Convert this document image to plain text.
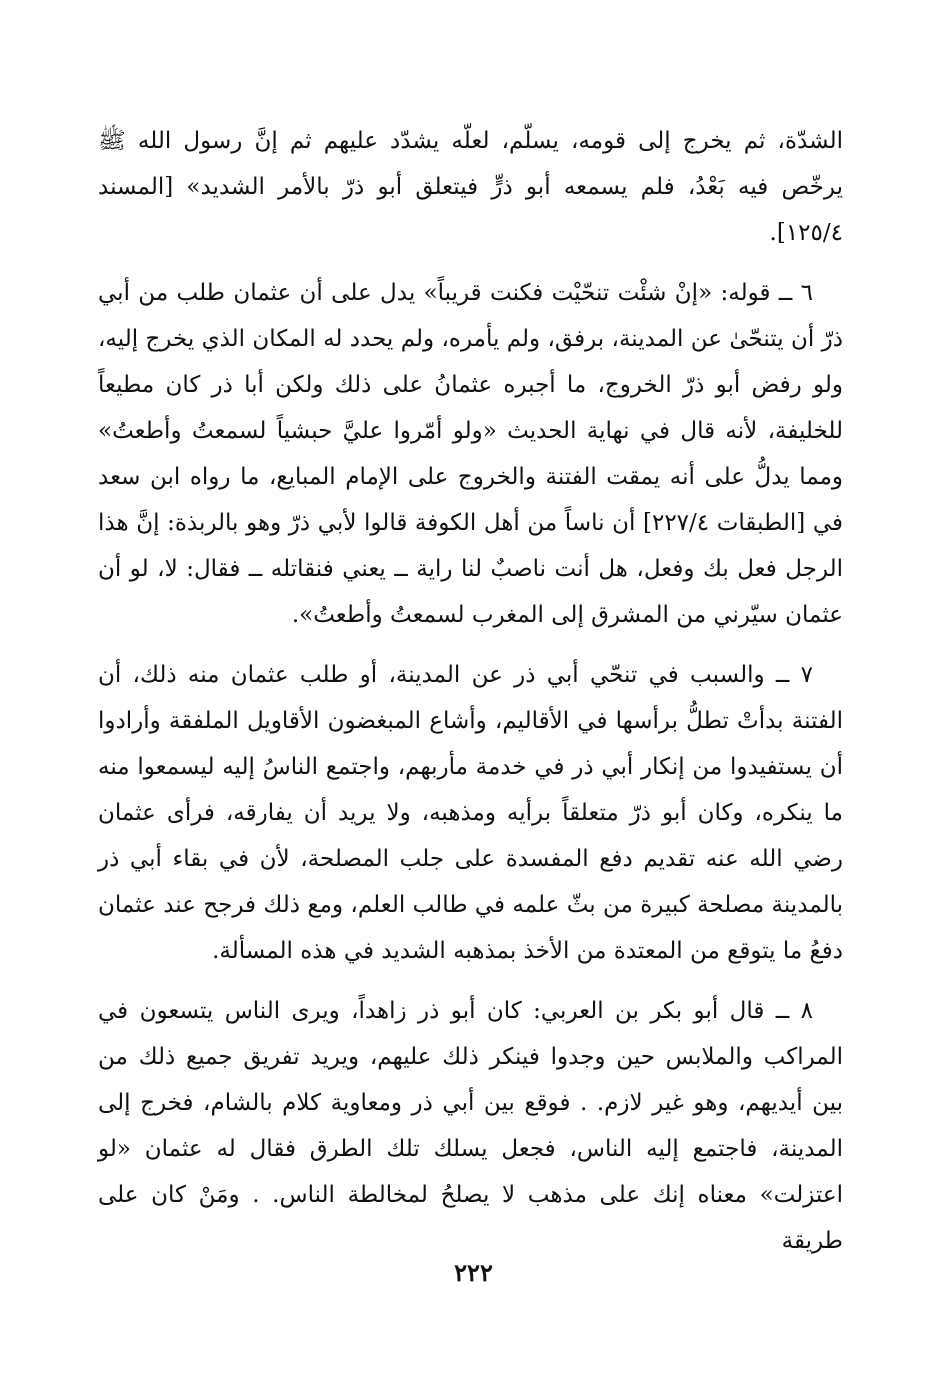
الشدّة، ثم يخرج إلى قومه، يسلّم، لعلّه يشدّد عليهم ثم إنَّ رسول الله ﷺ يرخّص فيه بَعْدُ، فلم يسمعه أبو ذرٍّ فيتعلق أبو ذرّ بالأمر الشديد» [المسند ١٢٥/٤].

٦ ــ قوله: «إنْ شئْت تنحّيْت فكنت قريباً» يدل على أن عثمان طلب من أبي ذرّ أن يتنحّىٰ عن المدينة، برفق، ولم يأمره، ولم يحدد له المكان الذي يخرج إليه، ولو رفض أبو ذرّ الخروج، ما أجبره عثمانُ على ذلك ولكن أبا ذر كان مطيعاً للخليفة، لأنه قال في نهاية الحديث «ولو أمّروا عليَّ حبشياً لسمعتُ وأطعتُ» ومما يدلُّ على أنه يمقت الفتنة والخروج على الإمام المبايع، ما رواه ابن سعد في [الطبقات ٢٢٧/٤] أن ناساً من أهل الكوفة قالوا لأبي ذرّ وهو بالربذة: إنَّ هذا الرجل فعل بك وفعل، هل أنت ناصبٌ لنا راية ــ يعني فنقاتله ــ فقال: لا، لو أن عثمان سيّرني من المشرق إلى المغرب لسمعتُ وأطعتُ».

٧ ــ والسبب في تنحّي أبي ذر عن المدينة، أو طلب عثمان منه ذلك، أن الفتنة بدأتْ تطلُّ برأسها في الأقاليم، وأشاع المبغضون الأقاويل الملفقة وأرادوا أن يستفيدوا من إنكار أبي ذر في خدمة مأربهم، واجتمع الناسُ إليه ليسمعوا منه ما ينكره، وكان أبو ذرّ متعلقاً برأيه ومذهبه، ولا يريد أن يفارقه، فرأى عثمان رضي الله عنه تقديم دفع المفسدة على جلب المصلحة، لأن في بقاء أبي ذر بالمدينة مصلحة كبيرة من بثّ علمه في طالب العلم، ومع ذلك فرجح عند عثمان دفعُ ما يتوقع من المعتدة من الأخذ بمذهبه الشديد في هذه المسألة.

٨ ــ قال أبو بكر بن العربي: كان أبو ذر زاهداً، ويرى الناس يتسعون في المراكب والملابس حين وجدوا فينكر ذلك عليهم، ويريد تفريق جميع ذلك من بين أيديهم، وهو غير لازم. . فوقع بين أبي ذر ومعاوية كلام بالشام، فخرج إلى المدينة، فاجتمع إليه الناس، فجعل يسلك تلك الطرق فقال له عثمان «لو اعتزلت» معناه إنك على مذهب لا يصلحُ لمخالطة الناس. . ومَنْ كان على طريقة

٢٢٢
